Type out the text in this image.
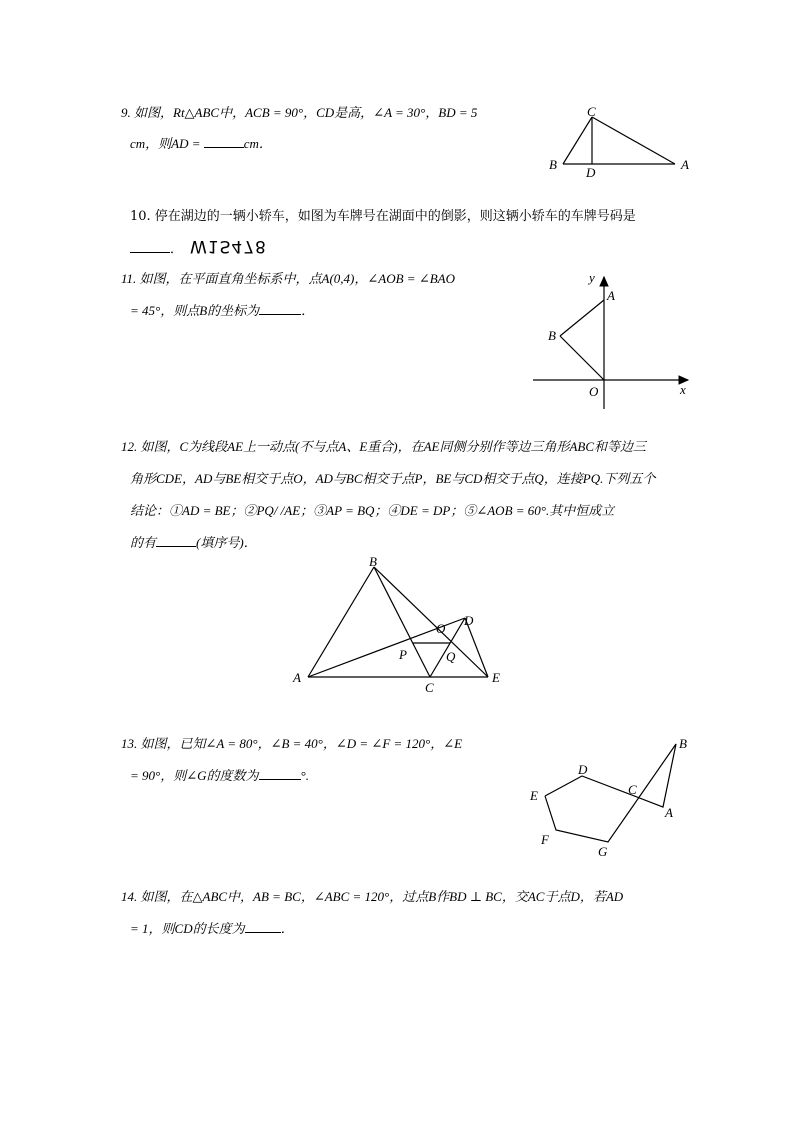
9. 如图，Rt△ABC中，ACB = 90°，CD是高，∠A = 30°，BD = 5
cm，则AD =	cm．
C
B
D
A
10. 停在湖边的一辆小轿车，如图为车牌号在湖面中的倒影，则这辆小轿车的车牌号码是
． W1S478
11. 如图，在平面直角坐标系中，点A(0,4)，∠AOB = ∠BAO
= 45°，则点B的坐标为	．
y
A
B
O	x
12. 如图，C为线段AE上一动点(不与点A、E重合)，在AE同侧分别作等边三角形ABC和等边三
角形CDE，AD与BE相交于点O，AD与BC相交于点P，BE与CD相交于点Q，连接PQ.下列五个
结论：①AD = BE；②PQ/ /AE；③AP = BQ；④DE = DP；⑤∠AOB = 60°.其中恒成立
的有	(填序号)．
B
O
D
P	Q
A
C
E
13. 如图，已知∠A = 80°，∠B = 40°，∠D = ∠F = 120°，∠E
= 90°，则∠G的度数为	°.
B
D
E	C
A
F
G
14. 如图，在△ABC中，AB = BC，∠ABC = 120°，过点B作BD ⊥ BC，交AC于点D，若AD
= 1，则CD的长度为	．
